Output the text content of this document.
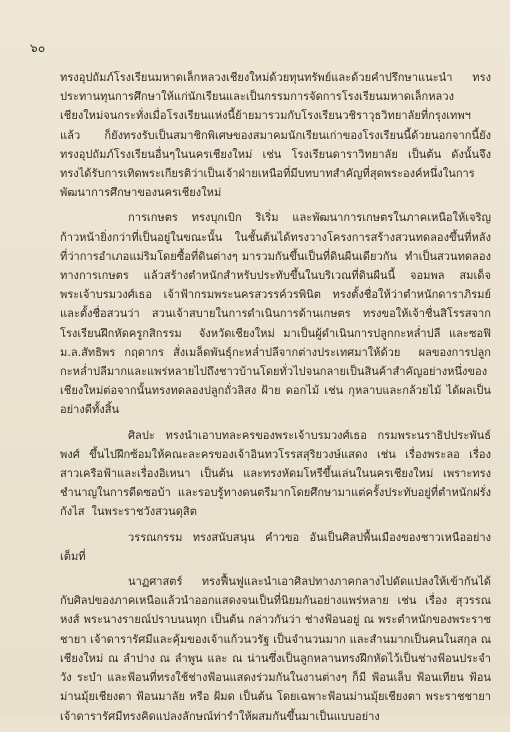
๖๐

ทรงอุปถัมภ์โรงเรียนมหาดเล็กหลวงเชียงใหม่ด้วยทุนทรัพย์และด้วยคำปรึกษาแนะนำ  ทรงประทานทุนการศึกษาให้แก่นักเรียนและเป็นกรรมการจัดการโรงเรียนมหาดเล็กหลวงเชียงใหม่จนกระทั่งเมื่อโรงเรียนแห่งนี้ย้ายมารวมกับโรงเรียนวชิราวุธวิทยาลัยที่กรุงเทพฯแล้ว  ก็ยังทรงรับเป็นสมาชิกพิเศษของสมาคมนักเรียนเก่าของโรงเรียนนี้ด้วยนอกจากนี้ยังทรงอุปถัมภ์โรงเรียนอื่นๆในนครเชียงใหม่  เช่น  โรงเรียนดาราวิทยาลัย  เป็นต้น  ดังนั้นจึงทรงได้รับการเทิดพระเกียรติว่าเป็นเจ้าฝ่ายเหนือที่มีบทบาทสำคัญที่สุดพระองค์หนึ่งในการพัฒนาการศึกษาของนครเชียงใหม่

การเกษตร  ทรงบุกเบิก  ริเริ่ม  และพัฒนาการเกษตรในภาคเหนือให้เจริญก้าวหน้ายิ่งกว่าที่เป็นอยู่ในขณะนั้น  ในชั้นต้นได้ทรงวางโครงการสร้างสวนทดลองขึ้นที่หลังที่ว่าการอำเภอแม่ริมโดยซื้อที่ดินต่างๆ มารวมกันขึ้นเป็นที่ดินผืนเดียวกัน  ทำเป็นสวนทดลองทางการเกษตร  แล้วสร้างตำหนักสำหรับประทับขึ้นในบริเวณที่ดินผืนนี้  จอมพล  สมเด็จพระเจ้าบรมวงศ์เธอ  เจ้าฟ้ากรมพระนครสวรรค์วรพินิต  ทรงตั้งชื่อให้ว่าตำหนักดาราภิรมย์  และตั้งชื่อสวนว่า  สวนเจ้าสบายในการดำเนินการด้านเกษตร  ทรงขอให้เจ้าชื่นสิโรรสจากโรงเรียนฝึกหัดครูกสิกรรม  จังหวัดเชียงใหม่ มาเป็นผู้ดำเนินการปลูกกะหล่ำปลี และซอฟิ ม.ล.สัทธิพร กฤดากร สั่งเมล็ดพันธุ์กะหล่ำปลีจากต่างประเทศมาให้ด้วย  ผลของการปลูกกะหล่ำปลีมากและแพร่หลายไปถึงชาวบ้านโดยทั่วไปจนกลายเป็นสินค้าสำคัญอย่างหนึ่งของเชียงใหม่ต่อจากนั้นทรงทดลองปลูกถั่วลิสง ฝ้าย ดอกไม้ เช่น กุหลาบและกล้วยไม้ ได้ผลเป็นอย่างดีทั้งสิ้น

ศิลปะ  ทรงนำเอาบทละครของพระเจ้าบรมวงศ์เธอ  กรมพระนราธิปประพันธ์พงศ์  ขึ้นไปฝึกซ้อมให้คณะละครของเจ้าอินทวโรรสสุริยวงษ์แสดง  เช่น  เรื่องพระลอ  เรื่องสาวเครือฟ้าและเรื่องอิเหนา  เป็นต้น  และทรงหัดมโหรีขึ้นเล่นในนครเชียงใหม่  เพราะทรงชำนาญในการดีดซอบ้า  และรอบรู้ทางดนตรีมากโดยศึกษามาแต่ครั้งประทับอยู่ที่ตำหนักฝรั่งกังไส  ในพระราชวังสวนดุสิต

วรรณกรรม  ทรงสนับสนุน  คำวขอ  อันเป็นศิลปพื้นเมืองของชาวเหนืออย่างเต็มที่

นาฏศาสตร์  ทรงฟื้นฟูและนำเอาศิลปทางภาคกลางไปดัดแปลงให้เข้ากันได้กับศิลปของภาคเหนือแล้วนำออกแสดงจนเป็นที่นิยมกันอย่างแพร่หลาย เช่น เรื่อง สุวรรณหงส์ พระนางรายณ์ปราบนนทุก เป็นต้น กล่าวกันว่า ช่างฟ้อนอยู่ ณ พระตำหนักของพระราชชายา เจ้าดารารัศมีและคุ้มของเจ้าแก้วนวรัฐ เป็นจำนวนมาก และสำนมากเป็นคนในสกุล ณ เชียงใหม่ ณ ลำปาง ณ ลำพูน และ ณ น่านซึ่งเป็นลูกหลานทรงฝึกหัดไว้เป็นช่างฟ้อนประจำวัง ระบำ และฟ้อนที่ทรงใช้ช่างฟ้อนแสดงร่วมกันในงานต่างๆ ก็มี ฟ้อนเล็บ ฟ้อนเทียน ฟ้อนม่านมุ้ยเชียงตา ฟ้อนมาลัย หรือ ฝ้มด เป็นต้น โดยเฉพาะฟ้อนม่านมุ้ยเชียงตา พระราชชายา เจ้าดารารัศมีทรงคิดแปลงลักษณ์ท่ารำให้ผสมกันขึ้นมาเป็นแบบอย่าง
